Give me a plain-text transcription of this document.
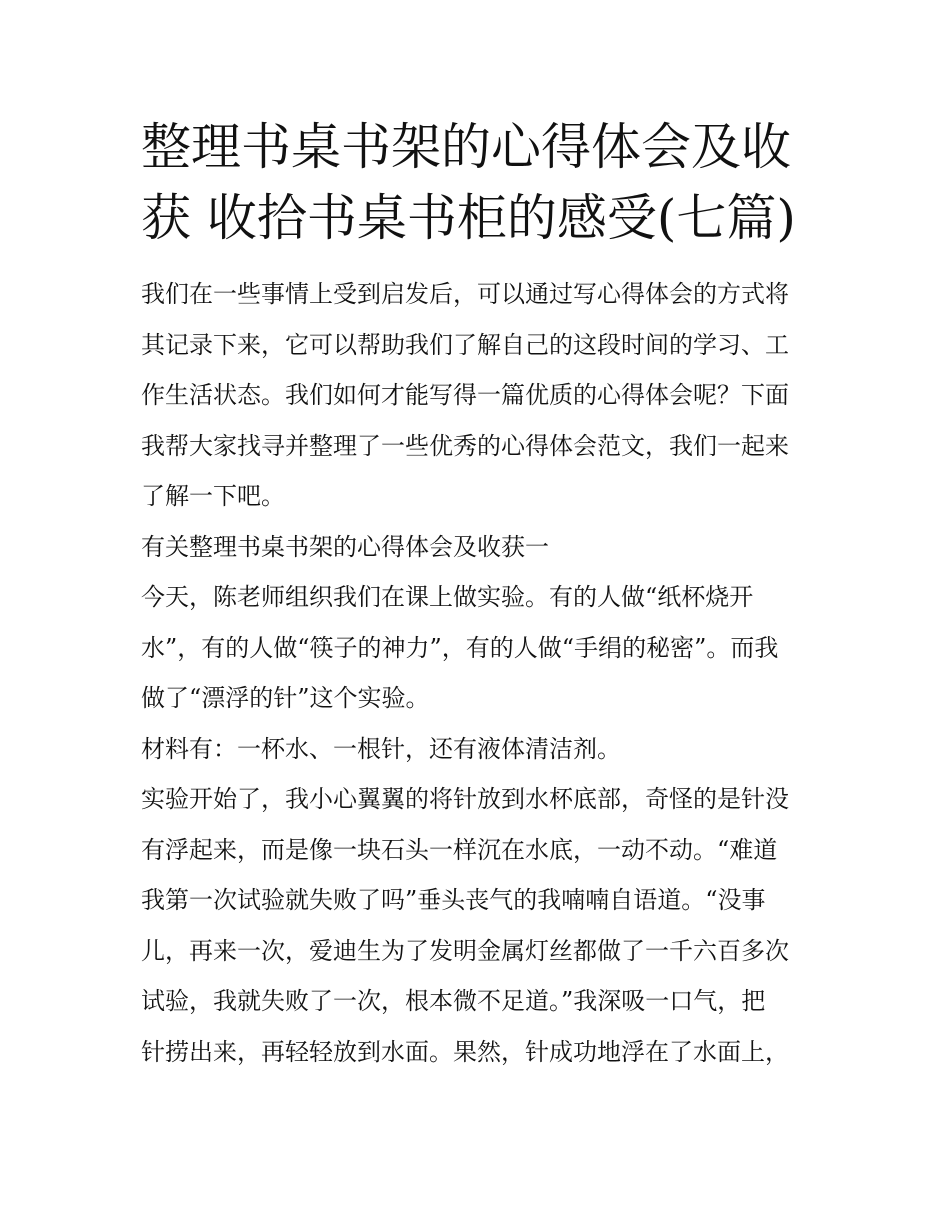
整理书桌书架的心得体会及收
获 收拾书桌书柜的感受(七篇)
我们在一些事情上受到启发后，可以通过写心得体会的方式将
其记录下来，它可以帮助我们了解自己的这段时间的学习、工
作生活状态。我们如何才能写得一篇优质的心得体会呢？下面
我帮大家找寻并整理了一些优秀的心得体会范文，我们一起来
了解一下吧。
有关整理书桌书架的心得体会及收获一
今天，陈老师组织我们在课上做实验。有的人做“纸杯烧开
水”，有的人做“筷子的神力”，有的人做“手绢的秘密”。而我
做了“漂浮的针”这个实验。
材料有：一杯水、一根针，还有液体清洁剂。
实验开始了，我小心翼翼的将针放到水杯底部，奇怪的是针没
有浮起来，而是像一块石头一样沉在水底，一动不动。“难道
我第一次试验就失败了吗”垂头丧气的我喃喃自语道。“没事
儿，再来一次，爱迪生为了发明金属灯丝都做了一千六百多次
试验，我就失败了一次，根本微不足道。”我深吸一口气，把
针捞出来，再轻轻放到水面。果然，针成功地浮在了水面上，
